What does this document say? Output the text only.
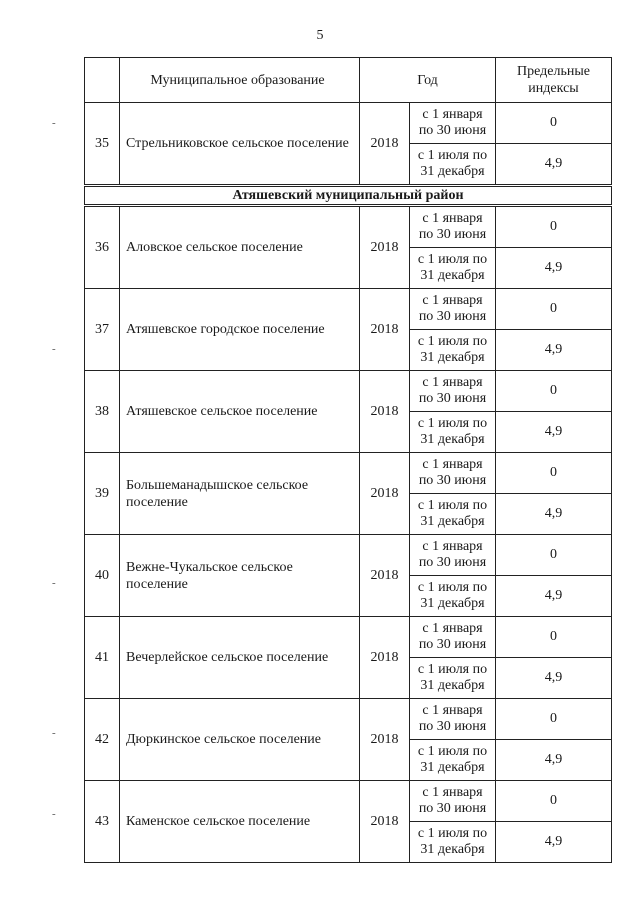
5
-
-
-
-
-
	Муниципальное образование	Год		Предельные
индексы

35	Стрельниковское сельское поселение	2018	с 1 января
по 30 июня	0

			с 1 июля по
31 декабря	4,9
Атяшевский муниципальный район				
36	Аловское сельское поселение	2018	с 1 января
по 30 июня	0

			с 1 июля по
31 декабря	4,9
37	Атяшевское городское поселение	2018	с 1 января
по 30 июня	0

			с 1 июля по
31 декабря	4,9
38	Атяшевское сельское поселение	2018	с 1 января
по 30 июня	0

			с 1 июля по
31 декабря	4,9
39	Большеманадышское сельское поселение	2018	с 1 января
по 30 июня	0

			с 1 июля по
31 декабря	4,9
40	Вежне-Чукальское сельское поселение	2018	с 1 января
по 30 июня	0

			с 1 июля по
31 декабря	4,9
41	Вечерлейское сельское поселение	2018	с 1 января
по 30 июня	0

			с 1 июля по
31 декабря	4,9
42	Дюркинское сельское поселение	2018	с 1 января
по 30 июня	0

			с 1 июля по
31 декабря	4,9
43	Каменское сельское поселение	2018	с 1 января
по 30 июня	0

			с 1 июля по
31 декабря	4,9
